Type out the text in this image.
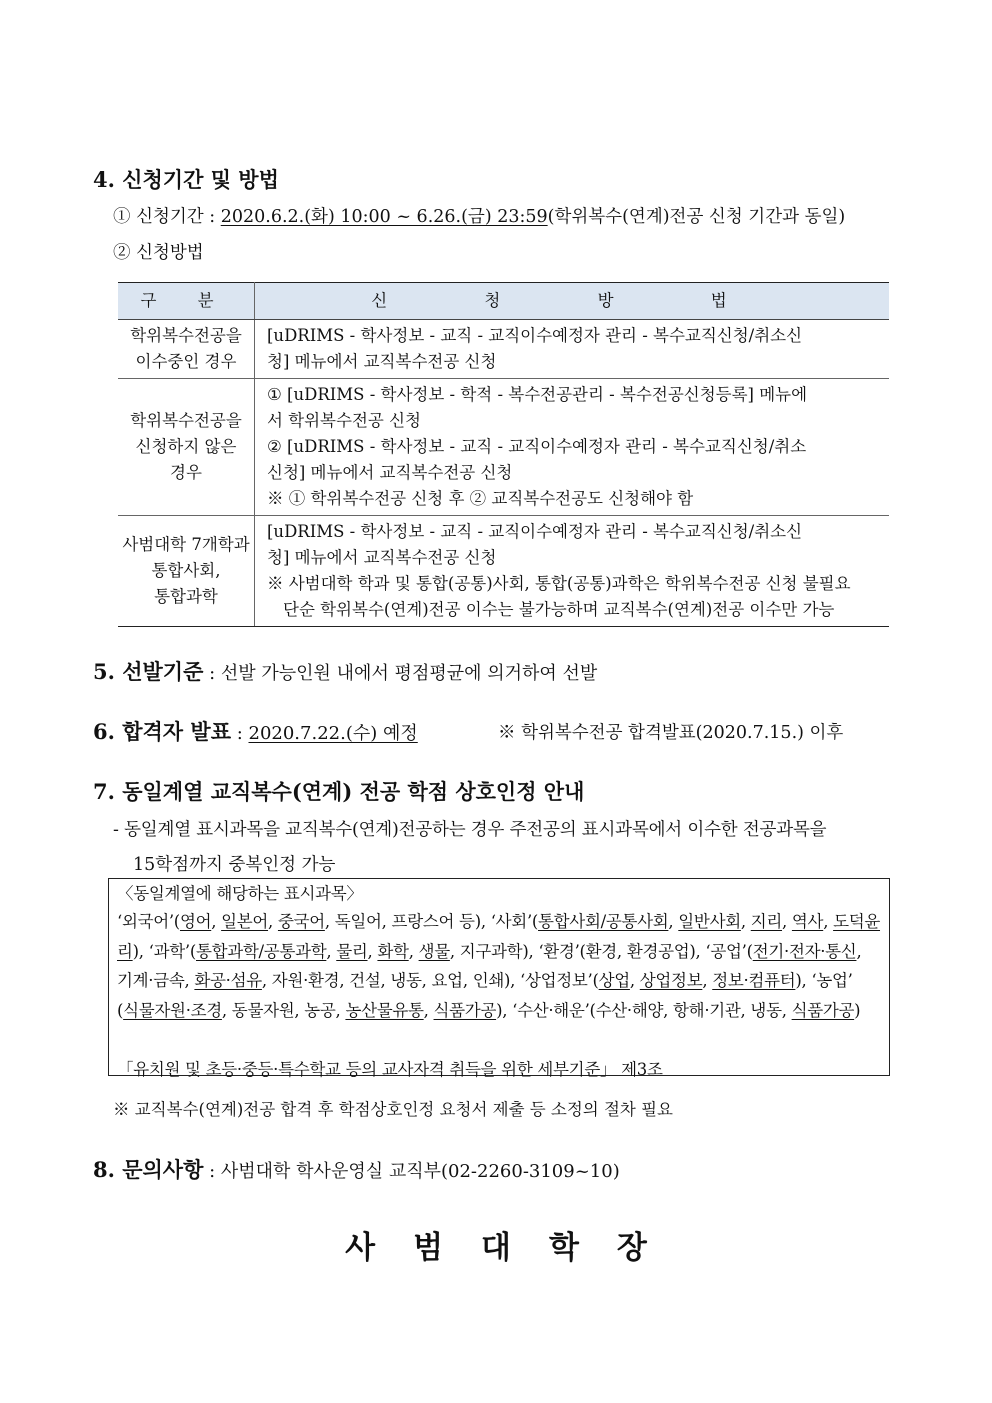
4. 신청기간 및 방법
① 신청기간 : 2020.6.2.(화) 10:00 ~ 6.26.(금) 23:59(학위복수(연계)전공 신청 기간과 동일)
② 신청방법
구 분	신 청 방 법

학위복수전공을
이수중인 경우	[uDRIMS - 학사정보 - 교직 - 교직이수예정자 관리 - 복수교직신청/취소신
청] 메뉴에서 교직복수전공 신청

학위복수전공을
신청하지 않은
경우	① [uDRIMS - 학사정보 - 학적 - 복수전공관리 - 복수전공신청등록] 메뉴에
서 학위복수전공 신청
② [uDRIMS - 학사정보 - 교직 - 교직이수예정자 관리 - 복수교직신청/취소
신청] 메뉴에서 교직복수전공 신청
※ ① 학위복수전공 신청 후 ② 교직복수전공도 신청해야 함

사범대학 7개학과
통합사회,
통합과학	[uDRIMS - 학사정보 - 교직 - 교직이수예정자 관리 - 복수교직신청/취소신
청] 메뉴에서 교직복수전공 신청
※ 사범대학 학과 및 통합(공통)사회, 통합(공통)과학은 학위복수전공 신청 불필요
단순 학위복수(연계)전공 이수는 불가능하며 교직복수(연계)전공 이수만 가능
5. 선발기준 : 선발 가능인원 내에서 평점평균에 의거하여 선발
6. 합격자 발표 : 2020.7.22.(수) 예정	※ 학위복수전공 합격발표(2020.7.15.) 이후
7. 동일계열 교직복수(연계) 전공 학점 상호인정 안내
- 동일계열 표시과목을 교직복수(연계)전공하는 경우 주전공의 표시과목에서 이수한 전공과목을
15학점까지 중복인정 가능
〈동일계열에 해당하는 표시과목〉
‘외국어’(영어, 일본어, 중국어, 독일어, 프랑스어 등), ‘사회’(통합사회/공통사회, 일반사회, 지리, 역사, 도덕윤
리), ‘과학’(통합과학/공통과학, 물리, 화학, 생물, 지구과학), ‘환경’(환경, 환경공업), ‘공업’(전기·전자·통신,
기계·금속, 화공·섬유, 자원·환경, 건설, 냉동, 요업, 인쇄), ‘상업정보’(상업, 상업정보, 정보·컴퓨터), ‘농업’
(식물자원·조경, 동물자원, 농공, 농산물유통, 식품가공), ‘수산·해운’(수산·해양, 항해·기관, 냉동, 식품가공)

「유치원 및 초등·중등·특수학교 등의 교사자격 취득을 위한 세부기준」 제3조
※ 교직복수(연계)전공 합격 후 학점상호인정 요청서 제출 등 소정의 절차 필요
8. 문의사항 : 사범대학 학사운영실 교직부(02-2260-3109~10)
사범대학장
